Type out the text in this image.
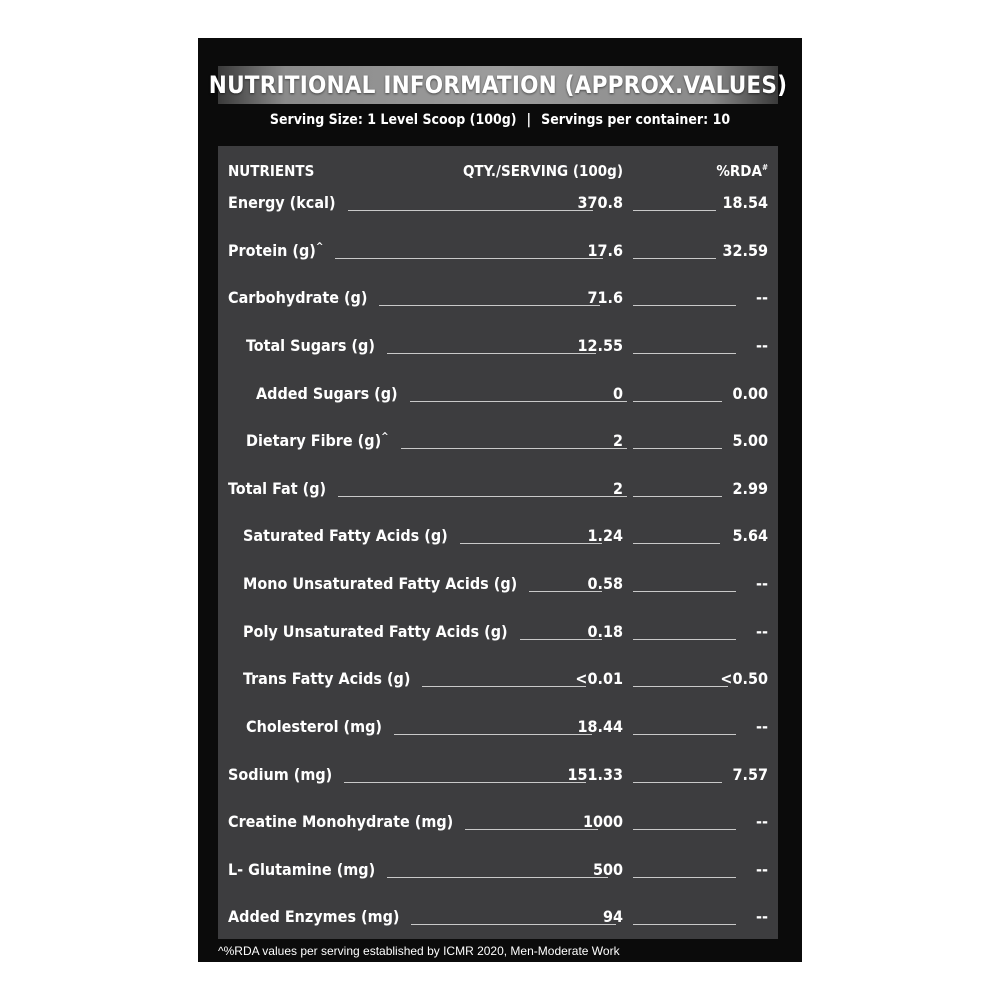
NUTRITIONAL INFORMATION (APPROX.VALUES)
Serving Size: 1 Level Scoop (100g) | Servings per container: 10
NUTRIENTS	QTY./SERVING (100g)	%RDA#
Energy (kcal)	370.8	18.54
Protein (g)^	17.6	32.59
Carbohydrate (g)	71.6	--
Total Sugars (g)	12.55	--
Added Sugars (g)	0	0.00
Dietary Fibre (g)^	2	5.00
Total Fat (g)	2	2.99
Saturated Fatty Acids (g)	1.24	5.64
Mono Unsaturated Fatty Acids (g)	0.58	--
Poly Unsaturated Fatty Acids (g)	0.18	--
Trans Fatty Acids (g)	<0.01	<0.50
Cholesterol (mg)	18.44	--
Sodium (mg)	151.33	7.57
Creatine Monohydrate (mg)	1000	--
L- Glutamine (mg)	500	--
Added Enzymes (mg)	94	--
^%RDA values per serving established by ICMR 2020, Men-Moderate Work
